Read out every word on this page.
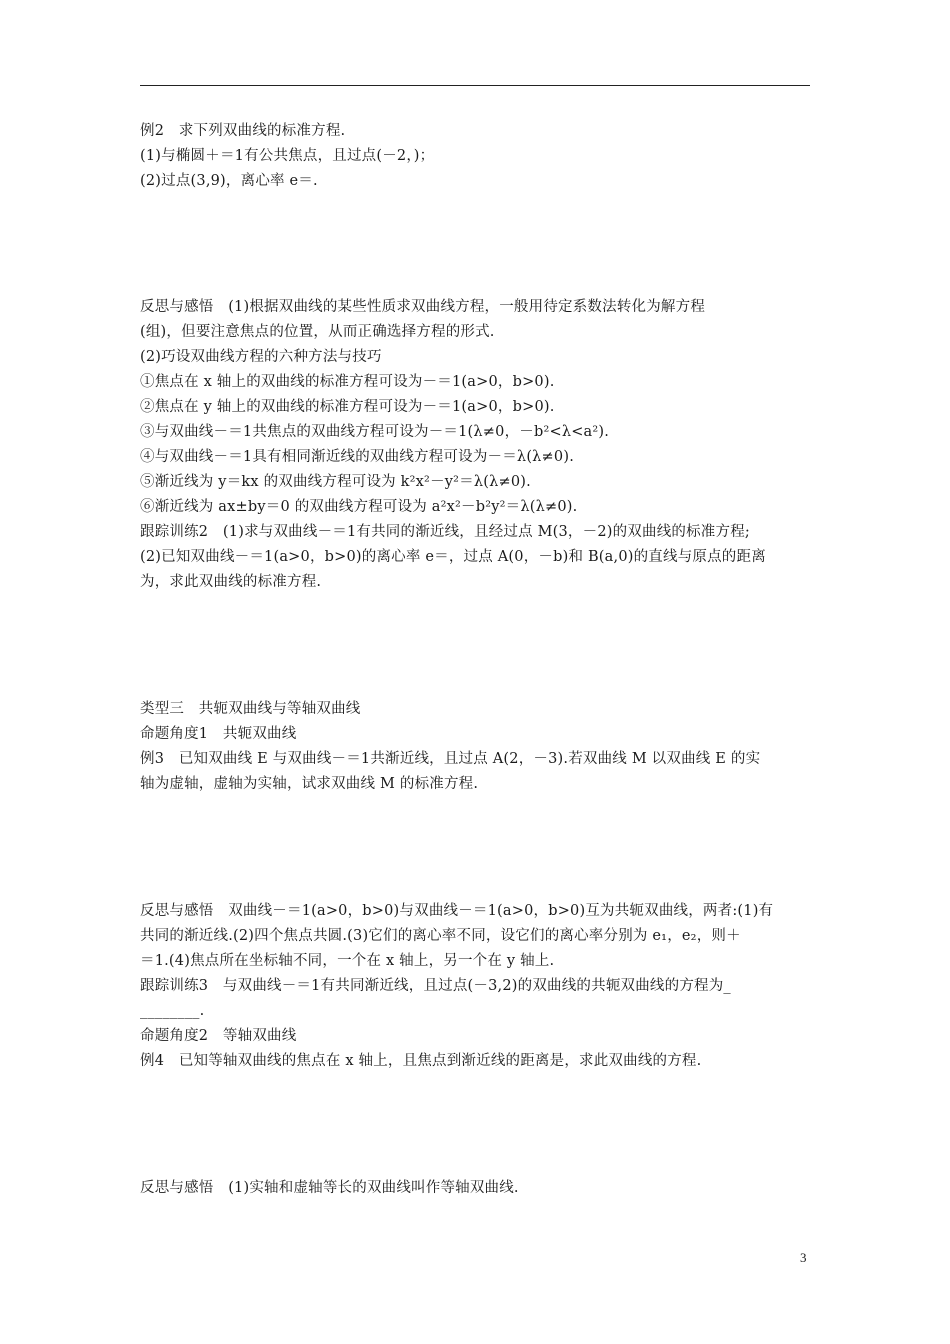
例2　求下列双曲线的标准方程.
(1)与椭圆＋＝1有公共焦点，且过点(－2，)；
(2)过点(3,9)，离心率 e＝.
反思与感悟　(1)根据双曲线的某些性质求双曲线方程，一般用待定系数法转化为解方程
(组)，但要注意焦点的位置，从而正确选择方程的形式.
(2)巧设双曲线方程的六种方法与技巧
①焦点在 x 轴上的双曲线的标准方程可设为－＝1(a>0，b>0).
②焦点在 y 轴上的双曲线的标准方程可设为－＝1(a>0，b>0).
③与双曲线－＝1共焦点的双曲线方程可设为－＝1(λ≠0，－b²<λ<a²).
④与双曲线－＝1具有相同渐近线的双曲线方程可设为－＝λ(λ≠0).
⑤渐近线为 y＝kx 的双曲线方程可设为 k²x²－y²＝λ(λ≠0).
⑥渐近线为 ax±by＝0 的双曲线方程可设为 a²x²－b²y²＝λ(λ≠0).
跟踪训练2　(1)求与双曲线－＝1有共同的渐近线，且经过点 M(3，－2)的双曲线的标准方程;
(2)已知双曲线－＝1(a>0，b>0)的离心率 e＝，过点 A(0，－b)和 B(a,0)的直线与原点的距离
为，求此双曲线的标准方程.
类型三　共轭双曲线与等轴双曲线
命题角度1　共轭双曲线
例3　已知双曲线 E 与双曲线－＝1共渐近线，且过点 A(2，－3).若双曲线 M 以双曲线 E 的实
轴为虚轴，虚轴为实轴，试求双曲线 M 的标准方程.
反思与感悟　双曲线－＝1(a>0，b>0)与双曲线－＝1(a>0，b>0)互为共轭双曲线，两者:(1)有
共同的渐近线.(2)四个焦点共圆.(3)它们的离心率不同，设它们的离心率分别为 e₁，e₂，则＋
＝1.(4)焦点所在坐标轴不同，一个在 x 轴上，另一个在 y 轴上.
跟踪训练3　与双曲线－＝1有共同渐近线，且过点(－3,2)的双曲线的共轭双曲线的方程为_
________.
命题角度2　等轴双曲线
例4　已知等轴双曲线的焦点在 x 轴上，且焦点到渐近线的距离是，求此双曲线的方程.
反思与感悟　(1)实轴和虚轴等长的双曲线叫作等轴双曲线.
3
